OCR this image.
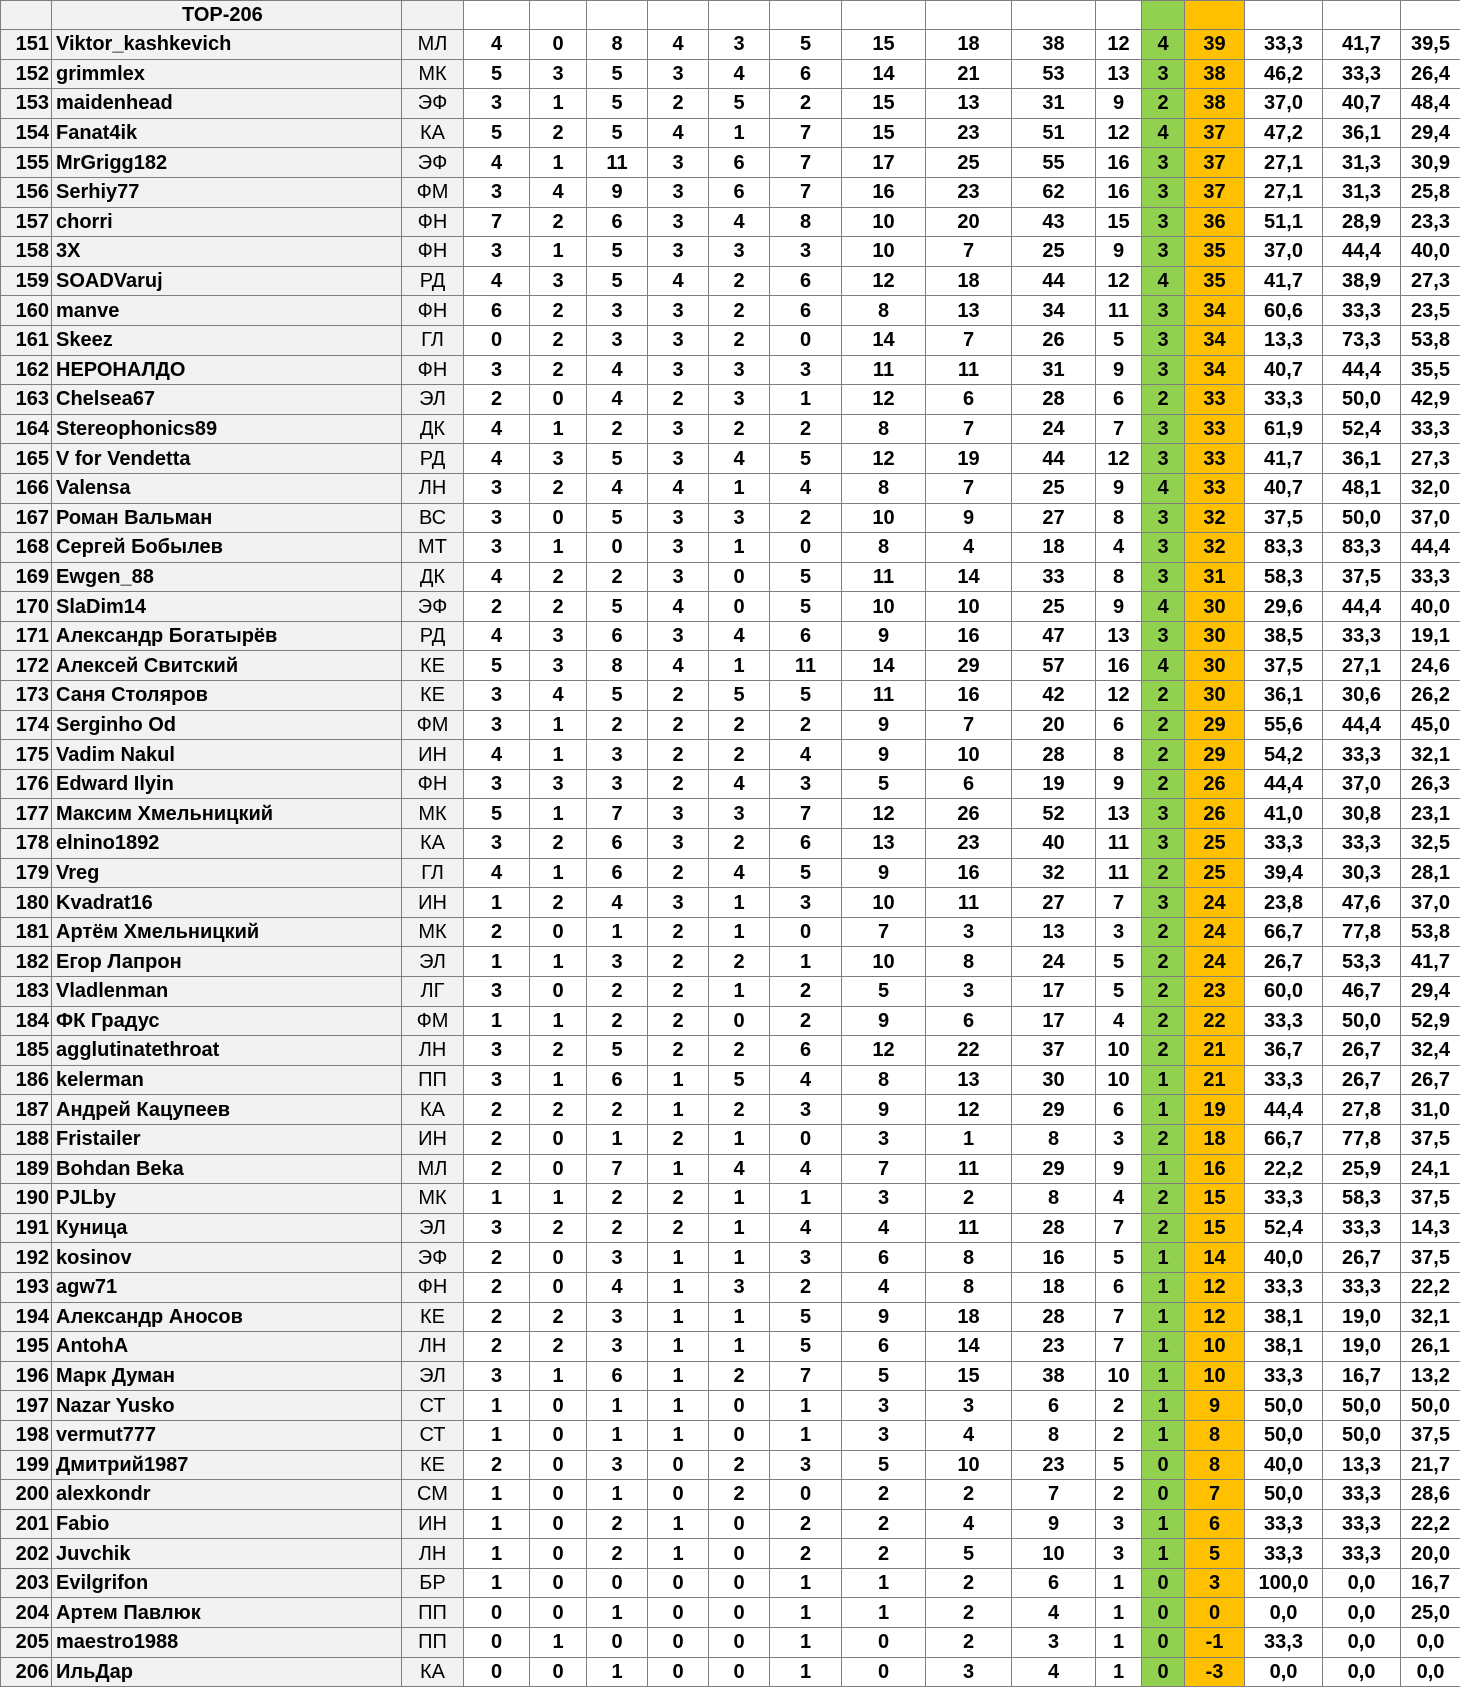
	TOP-206																
151	Viktor_kashkevich	МЛ	4	0	8	4	3	5	15	18	38	12	4	39	33,3	41,7	39,5
152	grimmlex	МК	5	3	5	3	4	6	14	21	53	13	3	38	46,2	33,3	26,4
153	maidenhead	ЭФ	3	1	5	2	5	2	15	13	31	9	2	38	37,0	40,7	48,4
154	Fanat4ik	КА	5	2	5	4	1	7	15	23	51	12	4	37	47,2	36,1	29,4
155	MrGrigg182	ЭФ	4	1	11	3	6	7	17	25	55	16	3	37	27,1	31,3	30,9
156	Serhiy77	ФМ	3	4	9	3	6	7	16	23	62	16	3	37	27,1	31,3	25,8
157	chorri	ФН	7	2	6	3	4	8	10	20	43	15	3	36	51,1	28,9	23,3
158	3X	ФН	3	1	5	3	3	3	10	7	25	9	3	35	37,0	44,4	40,0
159	SOADVaruj	РД	4	3	5	4	2	6	12	18	44	12	4	35	41,7	38,9	27,3
160	manve	ФН	6	2	3	3	2	6	8	13	34	11	3	34	60,6	33,3	23,5
161	Skeez	ГЛ	0	2	3	3	2	0	14	7	26	5	3	34	13,3	73,3	53,8
162	НЕРОНАЛДО	ФН	3	2	4	3	3	3	11	11	31	9	3	34	40,7	44,4	35,5
163	Chelsea67	ЭЛ	2	0	4	2	3	1	12	6	28	6	2	33	33,3	50,0	42,9
164	Stereophonics89	ДК	4	1	2	3	2	2	8	7	24	7	3	33	61,9	52,4	33,3
165	V for Vendetta	РД	4	3	5	3	4	5	12	19	44	12	3	33	41,7	36,1	27,3
166	Valensa	ЛН	3	2	4	4	1	4	8	7	25	9	4	33	40,7	48,1	32,0
167	Роман Вальман	ВС	3	0	5	3	3	2	10	9	27	8	3	32	37,5	50,0	37,0
168	Сергей Бобылев	МТ	3	1	0	3	1	0	8	4	18	4	3	32	83,3	83,3	44,4
169	Ewgen_88	ДК	4	2	2	3	0	5	11	14	33	8	3	31	58,3	37,5	33,3
170	SlaDim14	ЭФ	2	2	5	4	0	5	10	10	25	9	4	30	29,6	44,4	40,0
171	Александр Богатырёв	РД	4	3	6	3	4	6	9	16	47	13	3	30	38,5	33,3	19,1
172	Алексей Свитский	КЕ	5	3	8	4	1	11	14	29	57	16	4	30	37,5	27,1	24,6
173	Саня Столяров	КЕ	3	4	5	2	5	5	11	16	42	12	2	30	36,1	30,6	26,2
174	Serginho Od	ФМ	3	1	2	2	2	2	9	7	20	6	2	29	55,6	44,4	45,0
175	Vadim Nakul	ИН	4	1	3	2	2	4	9	10	28	8	2	29	54,2	33,3	32,1
176	Edward Ilyin	ФН	3	3	3	2	4	3	5	6	19	9	2	26	44,4	37,0	26,3
177	Максим Хмельницкий	МК	5	1	7	3	3	7	12	26	52	13	3	26	41,0	30,8	23,1
178	elnino1892	КА	3	2	6	3	2	6	13	23	40	11	3	25	33,3	33,3	32,5
179	Vreg	ГЛ	4	1	6	2	4	5	9	16	32	11	2	25	39,4	30,3	28,1
180	Kvadrat16	ИН	1	2	4	3	1	3	10	11	27	7	3	24	23,8	47,6	37,0
181	Артём Хмельницкий	МК	2	0	1	2	1	0	7	3	13	3	2	24	66,7	77,8	53,8
182	Егор Лапрон	ЭЛ	1	1	3	2	2	1	10	8	24	5	2	24	26,7	53,3	41,7
183	Vladlenman	ЛГ	3	0	2	2	1	2	5	3	17	5	2	23	60,0	46,7	29,4
184	ФК Градус	ФМ	1	1	2	2	0	2	9	6	17	4	2	22	33,3	50,0	52,9
185	agglutinatethroat	ЛН	3	2	5	2	2	6	12	22	37	10	2	21	36,7	26,7	32,4
186	kelerman	ПП	3	1	6	1	5	4	8	13	30	10	1	21	33,3	26,7	26,7
187	Андрей Кацупеев	КА	2	2	2	1	2	3	9	12	29	6	1	19	44,4	27,8	31,0
188	Fristailer	ИН	2	0	1	2	1	0	3	1	8	3	2	18	66,7	77,8	37,5
189	Bohdan Beka	МЛ	2	0	7	1	4	4	7	11	29	9	1	16	22,2	25,9	24,1
190	PJLby	МК	1	1	2	2	1	1	3	2	8	4	2	15	33,3	58,3	37,5
191	Куница	ЭЛ	3	2	2	2	1	4	4	11	28	7	2	15	52,4	33,3	14,3
192	kosinov	ЭФ	2	0	3	1	1	3	6	8	16	5	1	14	40,0	26,7	37,5
193	agw71	ФН	2	0	4	1	3	2	4	8	18	6	1	12	33,3	33,3	22,2
194	Александр Аносов	КЕ	2	2	3	1	1	5	9	18	28	7	1	12	38,1	19,0	32,1
195	AntohA	ЛН	2	2	3	1	1	5	6	14	23	7	1	10	38,1	19,0	26,1
196	Марк Думан	ЭЛ	3	1	6	1	2	7	5	15	38	10	1	10	33,3	16,7	13,2
197	Nazar Yusko	СТ	1	0	1	1	0	1	3	3	6	2	1	9	50,0	50,0	50,0
198	vermut777	СТ	1	0	1	1	0	1	3	4	8	2	1	8	50,0	50,0	37,5
199	Дмитрий1987	КЕ	2	0	3	0	2	3	5	10	23	5	0	8	40,0	13,3	21,7
200	alexkondr	СМ	1	0	1	0	2	0	2	2	7	2	0	7	50,0	33,3	28,6
201	Fabio	ИН	1	0	2	1	0	2	2	4	9	3	1	6	33,3	33,3	22,2
202	Juvchik	ЛН	1	0	2	1	0	2	2	5	10	3	1	5	33,3	33,3	20,0
203	Evilgrifon	БР	1	0	0	0	0	1	1	2	6	1	0	3	100,0	0,0	16,7
204	Артем Павлюк	ПП	0	0	1	0	0	1	1	2	4	1	0	0	0,0	0,0	25,0
205	maestro1988	ПП	0	1	0	0	0	1	0	2	3	1	0	-1	33,3	0,0	0,0
206	ИльДар	КА	0	0	1	0	0	1	0	3	4	1	0	-3	0,0	0,0	0,0
